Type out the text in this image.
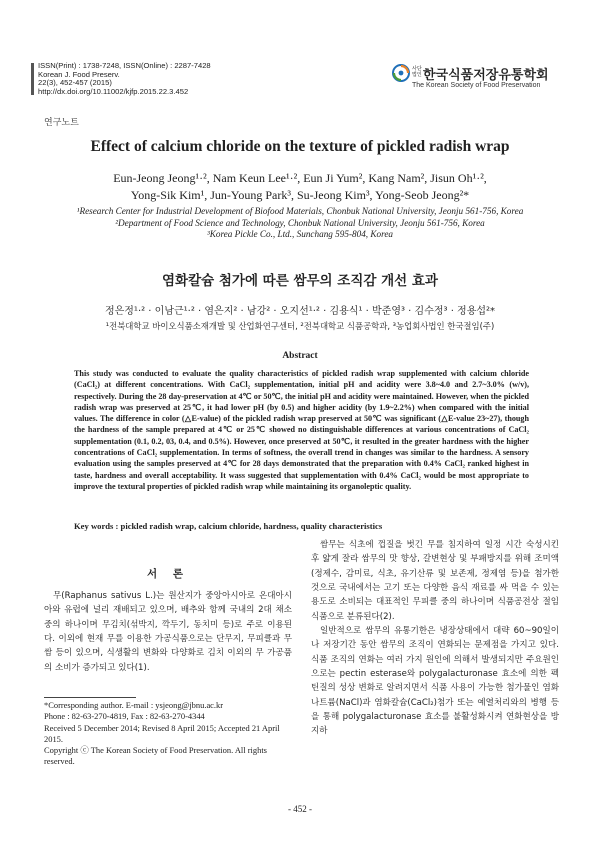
ISSN(Print) : 1738-7248, ISSN(Online) : 2287-7428
Korean J. Food Preserv.
22(3), 452-457 (2015)
http://dx.doi.org/10.11002/kjfp.2015.22.3.452
사단법인 한국식품저장유통학회
The Korean Society of Food Preservation
연구노트
Effect of calcium chloride on the texture of pickled radish wrap
Eun-Jeong Jeong¹·², Nam Keun Lee¹·², Eun Ji Yum², Kang Nam², Jisun Oh¹·²,
Yong-Sik Kim¹, Jun-Young Park³, Su-Jeong Kim³, Yong-Seob Jeong²*
¹Research Center for Industrial Development of Biofood Materials, Chonbuk National University, Jeonju 561-756, Korea
²Department of Food Science and Technology, Chonbuk National University, Jeonju 561-756, Korea
³Korea Pickle Co., Ltd., Sunchang 595-804, Korea
염화칼슘 첨가에 따른 쌈무의 조직감 개선 효과
정은정¹·² · 이남근¹·² · 염은지² · 남강² · 오지선¹·² · 김용식¹ · 박준영³ · 김수정³ · 정용섭²*
¹전북대학교 바이오식품소재개발 및 산업화연구센터, ²전북대학교 식품공학과, ³농업회사법인 한국절임(주)
Abstract
This study was conducted to evaluate the quality characteristics of pickled radish wrap supplemented with calcium chloride (CaCl₂) at different concentrations. With CaCl₂ supplementation, initial pH and acidity were 3.8~4.0 and 2.7~3.0% (w/v), respectively. During the 28 day-preservation at 4℃ or 50℃, the initial pH and acidity were maintained. However, when the pickled radish wrap was preserved at 25℃, it had lower pH (by 0.5) and higher acidity (by 1.9~2.2%) when compared with the initial values. The difference in color (△E-value) of the pickled radish wrap preserved at 50℃ was significant (△E-value 23~27), though the hardness of the sample prepared at 4℃ or 25℃ showed no distinguishable differences at various concentrations of CaCl₂ supplementation (0.1, 0.2, 03, 0.4, and 0.5%). However, once preserved at 50℃, it resulted in the greater hardness with the higher concentrations of CaCl₂ supplementation. In terms of softness, the overall trend in changes was similar to the hardness. A sensory evaluation using the samples preserved at 4℃ for 28 days demonstrated that the preparation with 0.4% CaCl₂ ranked highest in taste, hardness and overall acceptability. It wass suggested that supplementation with 0.4% CaCl₂ would be most appropriate to improve the textural properties of pickled radish wrap while maintaining its organoleptic quality.
Key words : pickled radish wrap, calcium chloride, hardness, quality characteristics
서 론

무(Raphanus sativus L.)는 원산지가 중앙아시아로 온대아시아와 유럽에 널리 재배되고 있으며, 배추와 함께 국내의 2대 채소 중의 하나이며 무김치(섞박지, 깍두기, 동치미 등)로 주로 이용된다. 이외에 현재 무를 이용한 가공식품으로는 단무지, 무피클과 무쌈 등이 있으며, 식생활의 변화와 다양화로 김치 이외의 무 가공품의 소비가 증가되고 있다(1).

*Corresponding author. E-mail : ysjeong@jbnu.ac.kr
Phone : 82-63-270-4819, Fax : 82-63-270-4344
Received 5 December 2014; Revised 8 April 2015; Accepted 21 April 2015.
Copyright ⓒ The Korean Society of Food Preservation. All rights reserved.

쌈무는 식초에 껍질을 벗긴 무를 침지하여 일정 시간 숙성시킨 후 얇게 잘라 쌈무의 맛 향상, 갈변현상 및 부패방지를 위해 조미액(정제수, 감미료, 식초, 유기산류 및 보존제, 정제염 등)을 첨가한 것으로 국내에서는 고기 또는 다양한 음식 재료를 싸 먹을 수 있는 용도로 소비되는 대표적인 무피클 중의 하나이며 식품공전상 절임식품으로 분류된다(2).

일반적으로 쌈무의 유통기한은 냉장상태에서 대략 60~90일이나 저장기간 동안 쌈무의 조직이 연화되는 문제점을 가지고 있다. 식품 조직의 연화는 여러 가지 원인에 의해서 발생되지만 주요원인으로는 pectin esterase와 polygalacturonase 효소에 의한 펙틴질의 성상 변화로 알려지면서 식품 사용이 가능한 첨가물인 염화나트륨(NaCl)과 염화칼슘(CaCl₂)첨가 또는 예열처리와의 병행 등을 통해 polygalacturonase 효소를 불활성화시켜 연화현상을 방지하

- 452 -
